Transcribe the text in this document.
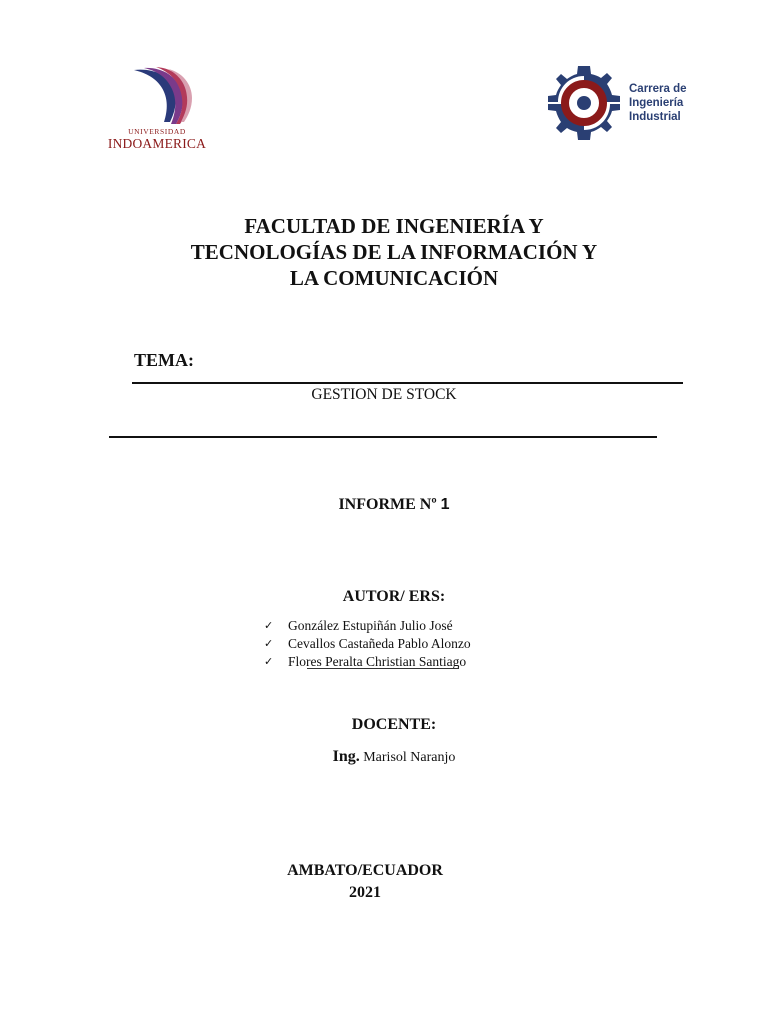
UNIVERSIDAD
INDOAMERICA
Carrera de
Ingeniería
Industrial
FACULTAD DE INGENIERÍA Y
TECNOLOGÍAS DE LA INFORMACIÓN Y
LA COMUNICACIÓN
TEMA:
GESTION DE STOCK
INFORME Nº 1
AUTOR/ ERS:
✓ González Estupiñán Julio José
✓ Cevallos Castañeda Pablo Alonzo
✓ Flores Peralta Christian Santiago
DOCENTE:
Ing. Marisol Naranjo
AMBATO/ECUADOR
2021
